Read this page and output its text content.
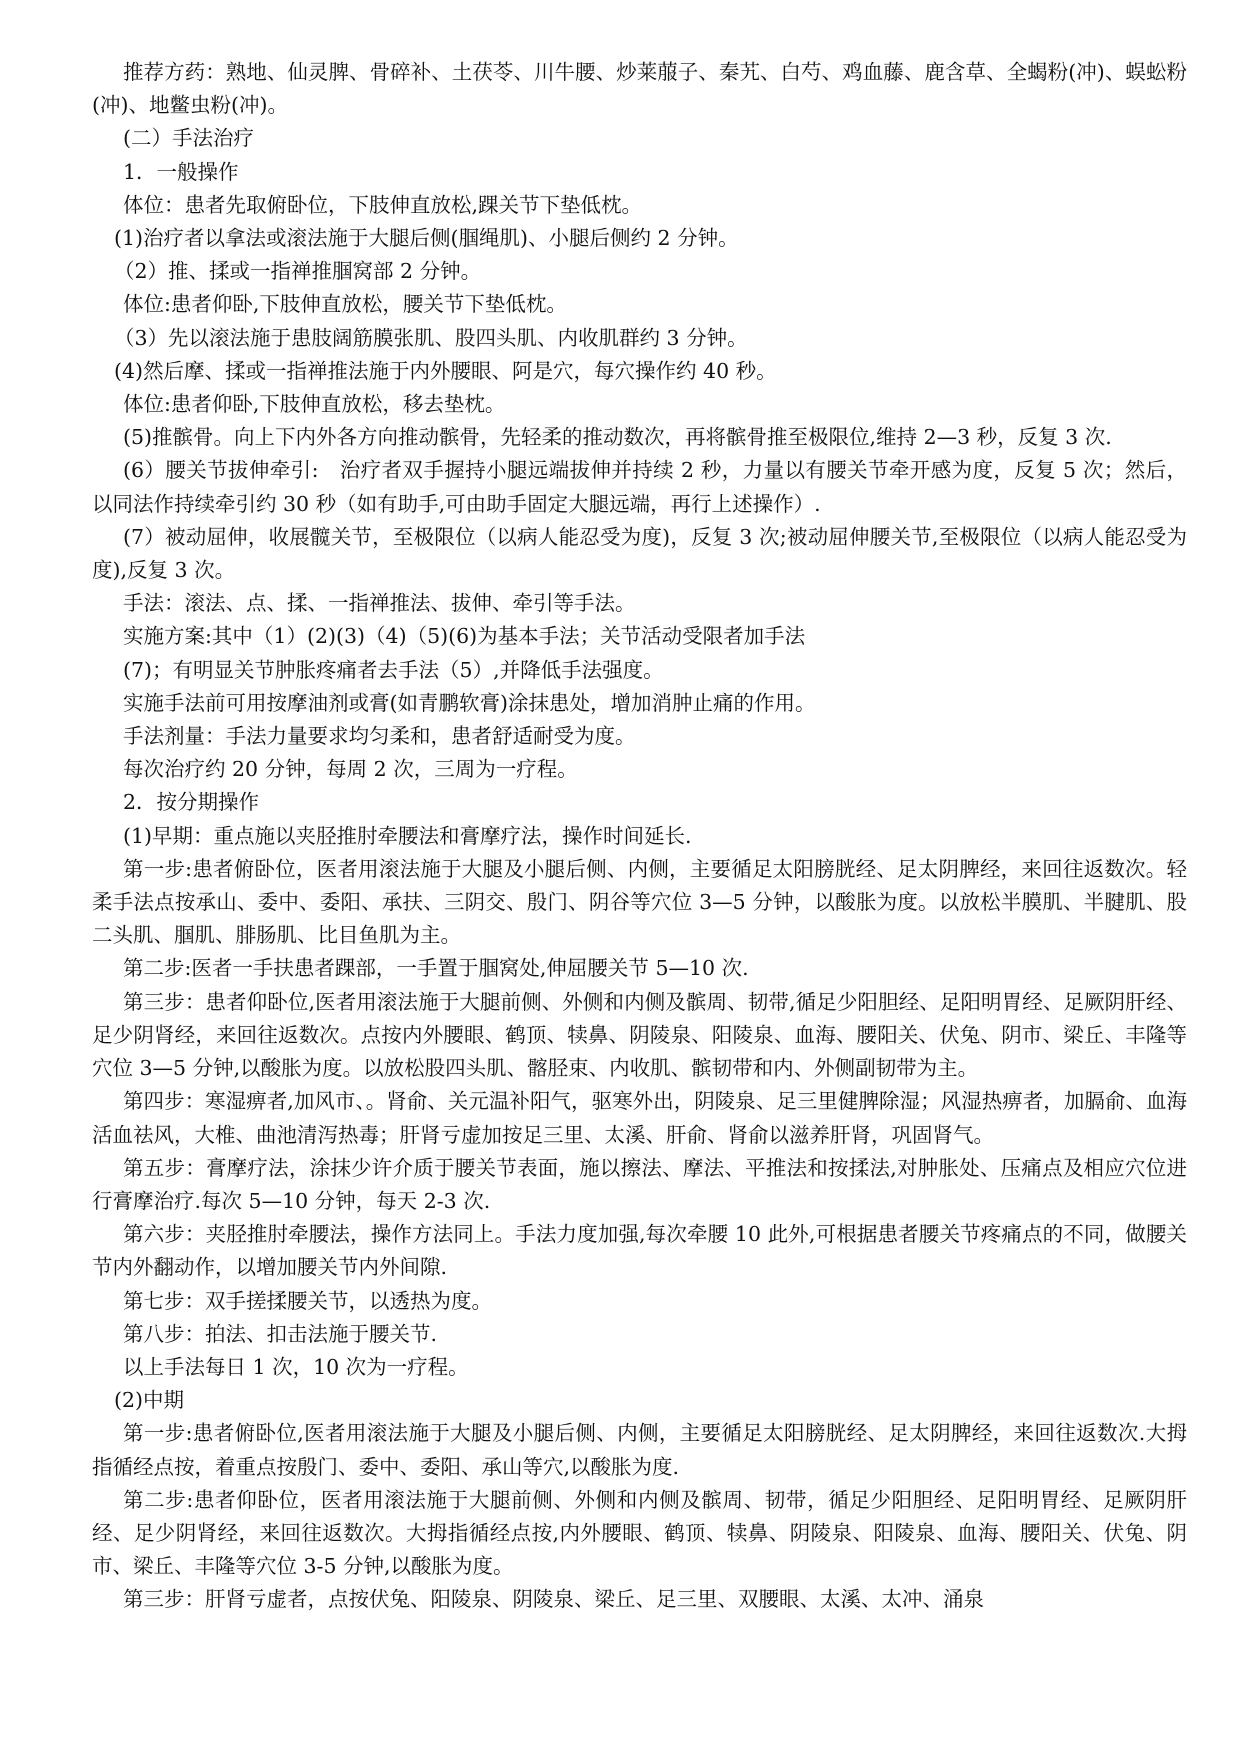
推荐方药：熟地、仙灵脾、骨碎补、土茯苓、川牛腰、炒莱菔子、秦艽、白芍、鸡血藤、鹿含草、全蝎粉(冲)、蜈蚣粉(冲)、地鳖虫粉(冲)。

(二）手法治疗

1．一般操作

体位：患者先取俯卧位，下肢伸直放松,踝关节下垫低枕。

(1)治疗者以拿法或滚法施于大腿后侧(腘绳肌)、小腿后侧约 2 分钟。

（2）推、揉或一指禅推腘窝部 2 分钟。

体位:患者仰卧,下肢伸直放松，腰关节下垫低枕。

（3）先以滚法施于患肢阔筋膜张肌、股四头肌、内收肌群约 3 分钟。

(4)然后摩、揉或一指禅推法施于内外腰眼、阿是穴，每穴操作约 40 秒。

体位:患者仰卧,下肢伸直放松，移去垫枕。

(5)推髌骨。向上下内外各方向推动髌骨，先轻柔的推动数次，再将髌骨推至极限位,维持 2—3 秒，反复 3 次.

(6）腰关节拔伸牵引:　治疗者双手握持小腿远端拔伸并持续 2 秒，力量以有腰关节牵开感为度，反复 5 次；然后，以同法作持续牵引约 30 秒（如有助手,可由助手固定大腿远端，再行上述操作）.

(7）被动屈伸，收展髋关节，至极限位（以病人能忍受为度)，反复 3 次;被动屈伸腰关节,至极限位（以病人能忍受为度),反复 3 次。

手法：滚法、点、揉、一指禅推法、拔伸、牵引等手法。

实施方案:其中（1）(2)(3)（4)（5)(6)为基本手法；关节活动受限者加手法

(7)；有明显关节肿胀疼痛者去手法（5）,并降低手法强度。

实施手法前可用按摩油剂或膏(如青鹏软膏)涂抹患处，增加消肿止痛的作用。

手法剂量：手法力量要求均匀柔和，患者舒适耐受为度。

每次治疗约 20 分钟，每周 2 次，三周为一疗程。

2．按分期操作

(1)早期：重点施以夹胫推肘牵腰法和膏摩疗法，操作时间延长.

第一步:患者俯卧位，医者用滚法施于大腿及小腿后侧、内侧，主要循足太阳膀胱经、足太阴脾经，来回往返数次。轻柔手法点按承山、委中、委阳、承扶、三阴交、殷门、阴谷等穴位 3—5 分钟，以酸胀为度。以放松半膜肌、半腱肌、股二头肌、腘肌、腓肠肌、比目鱼肌为主。

第二步:医者一手扶患者踝部，一手置于腘窝处,伸屈腰关节 5—10 次.

第三步：患者仰卧位,医者用滚法施于大腿前侧、外侧和内侧及髌周、韧带,循足少阳胆经、足阳明胃经、足厥阴肝经、足少阴肾经，来回往返数次。点按内外腰眼、鹤顶、犊鼻、阴陵泉、阳陵泉、血海、腰阳关、伏兔、阴市、梁丘、丰隆等穴位 3—5 分钟,以酸胀为度。以放松股四头肌、髂胫束、内收肌、髌韧带和内、外侧副韧带为主。

第四步：寒湿痹者,加风市、。肾俞、关元温补阳气，驱寒外出，阴陵泉、足三里健脾除湿；风湿热痹者，加膈俞、血海活血祛风，大椎、曲池清泻热毒；肝肾亏虚加按足三里、太溪、肝俞、肾俞以滋养肝肾，巩固肾气。

第五步：膏摩疗法，涂抹少许介质于腰关节表面，施以擦法、摩法、平推法和按揉法,对肿胀处、压痛点及相应穴位进行膏摩治疗.每次 5—10 分钟，每天 2-3 次.

第六步：夹胫推肘牵腰法，操作方法同上。手法力度加强,每次牵腰 10 此外,可根据患者腰关节疼痛点的不同，做腰关节内外翻动作，以增加腰关节内外间隙.

第七步：双手搓揉腰关节，以透热为度。

第八步：拍法、扣击法施于腰关节.

以上手法每日 1 次，10 次为一疗程。

(2)中期

第一步:患者俯卧位,医者用滚法施于大腿及小腿后侧、内侧，主要循足太阳膀胱经、足太阴脾经，来回往返数次.大拇指循经点按，着重点按殷门、委中、委阳、承山等穴,以酸胀为度.

第二步:患者仰卧位，医者用滚法施于大腿前侧、外侧和内侧及髌周、韧带，循足少阳胆经、足阳明胃经、足厥阴肝经、足少阴肾经，来回往返数次。大拇指循经点按,内外腰眼、鹤顶、犊鼻、阴陵泉、阳陵泉、血海、腰阳关、伏兔、阴市、梁丘、丰隆等穴位 3-5 分钟,以酸胀为度。

第三步：肝肾亏虚者，点按伏兔、阳陵泉、阴陵泉、梁丘、足三里、双腰眼、太溪、太冲、涌泉
